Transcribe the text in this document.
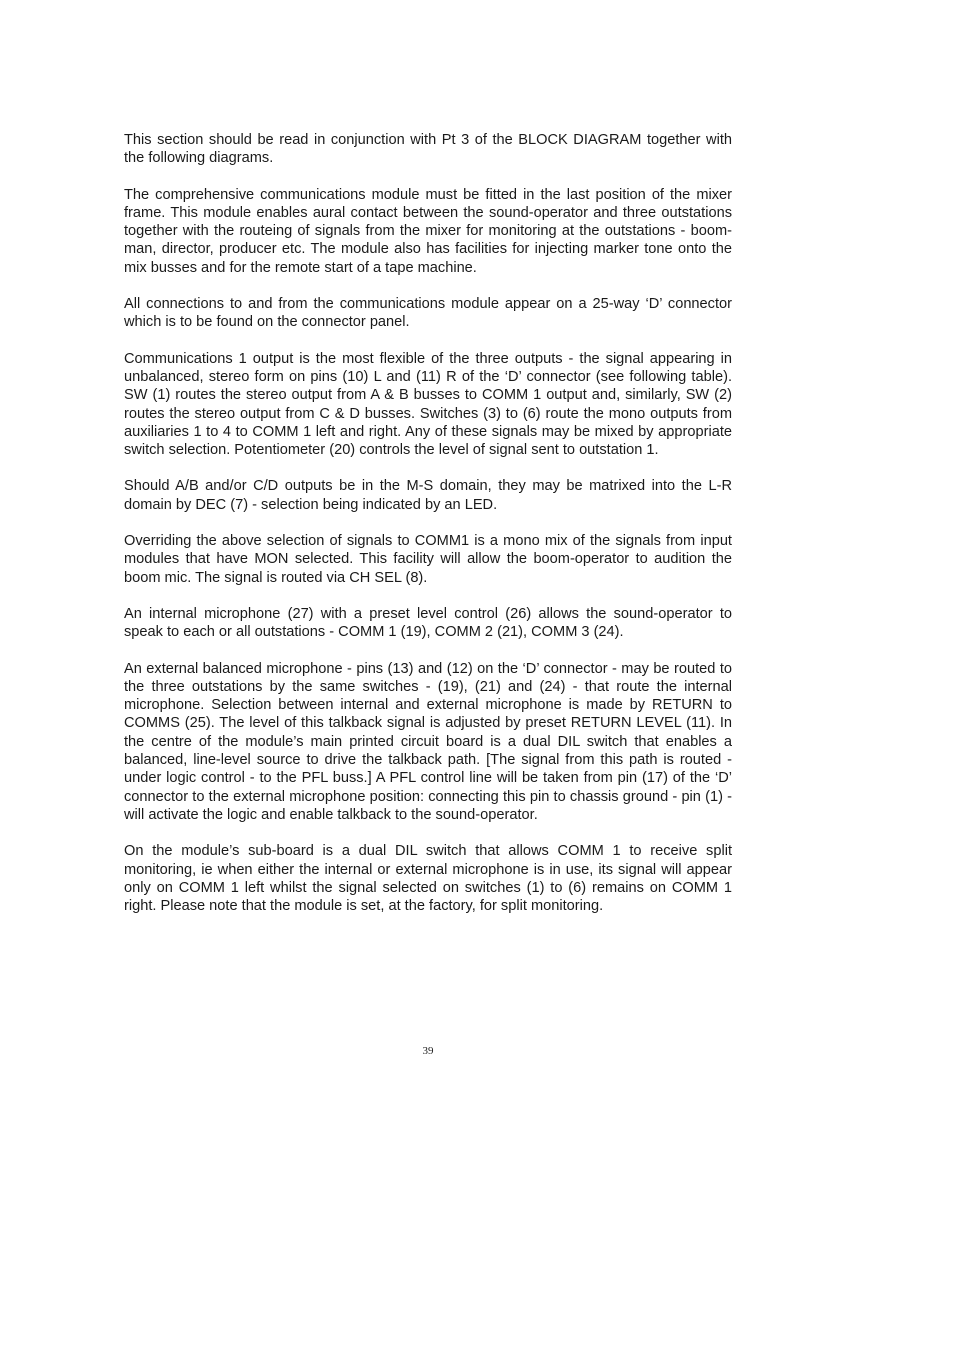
This section should be read in conjunction with Pt 3 of the BLOCK DIAGRAM together with the following diagrams.

The comprehensive communications module must be fitted in the last position of the mixer frame. This module enables aural contact between the sound-operator and three outstations together with the routeing of signals from the mixer for monitoring at the outstations - boom-man, director, producer etc. The module also has facilities for injecting marker tone onto the mix busses and for the remote start of a tape machine.

All connections to and from the communications module appear on a 25-way ‘D’ connector which is to be found on the connector panel.

Communications 1 output is the most flexible of the three outputs - the signal appearing in unbalanced, stereo form on pins (10) L and (11) R of the ‘D’ connector (see following table). SW (1) routes the stereo output from A & B busses to COMM 1 output and, similarly, SW (2) routes the stereo output from C & D busses. Switches (3) to (6) route the mono outputs from auxiliaries 1 to 4 to COMM 1 left and right. Any of these signals may be mixed by appropriate switch selection. Potentiometer (20) controls the level of signal sent to outstation 1.

Should A/B and/or C/D outputs be in the M-S domain, they may be matrixed into the L-R domain by DEC (7) - selection being indicated by an LED.

Overriding the above selection of signals to COMM1 is a mono mix of the signals from input modules that have MON selected. This facility will allow the boom-operator to audition the boom mic. The signal is routed via CH SEL (8).

An internal microphone (27) with a preset level control (26) allows the sound-operator to speak to each or all outstations - COMM 1 (19), COMM 2 (21), COMM 3 (24).

An external balanced microphone - pins (13) and (12) on the ‘D’ connector - may be routed to the three outstations by the same switches - (19), (21) and (24) - that route the internal microphone. Selection between internal and external microphone is made by RETURN to COMMS (25). The level of this talkback signal is adjusted by preset RETURN LEVEL (11). In the centre of the module’s main printed circuit board is a dual DIL switch that enables a balanced, line-level source to drive the talkback path. [The signal from this path is routed - under logic control - to the PFL buss.] A PFL control line will be taken from pin (17) of the ‘D’ connector to the external microphone position: connecting this pin to chassis ground - pin (1) - will activate the logic and enable talkback to the sound-operator.

On the module’s sub-board is a dual DIL switch that allows COMM 1 to receive split monitoring, ie when either the internal or external microphone is in use, its signal will appear only on COMM 1 left whilst the signal selected on switches (1) to (6) remains on COMM 1 right. Please note that the module is set, at the factory, for split monitoring.

39
